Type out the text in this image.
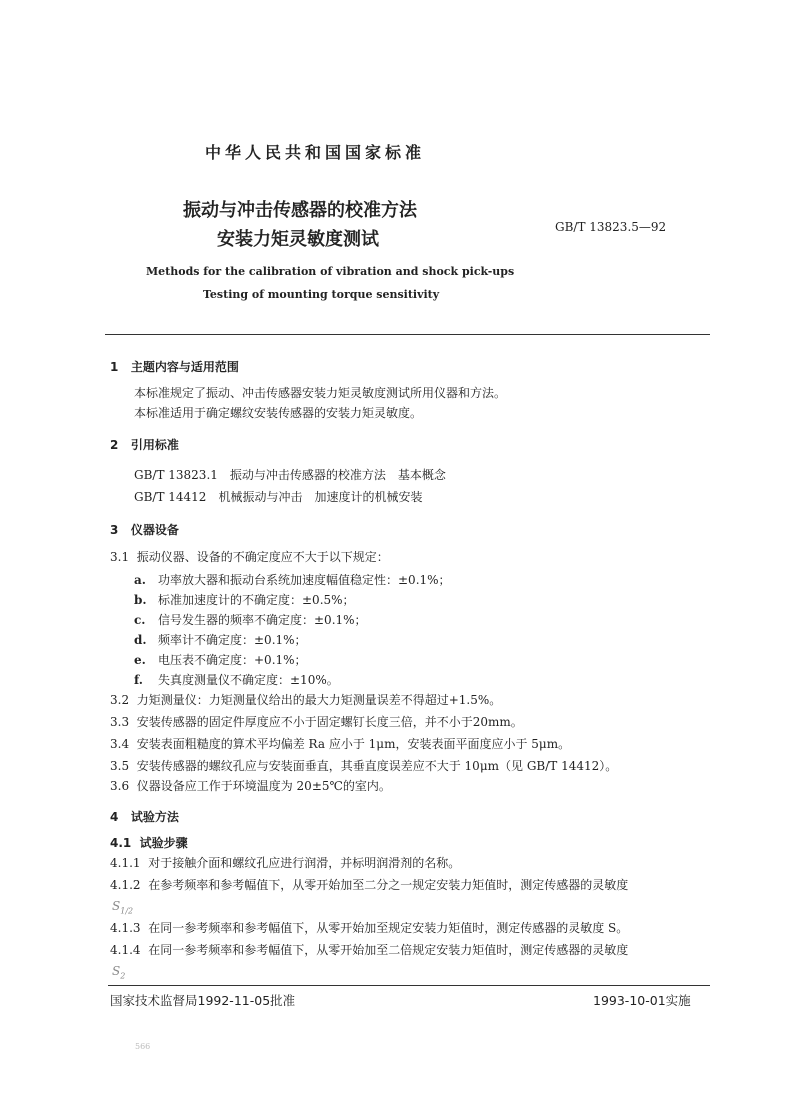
中华人民共和国国家标准
振动与冲击传感器的校准方法
安装力矩灵敏度测试
GB/T 13823.5—92
Methods for the calibration of vibration and shock pick-ups
Testing of mounting torque sensitivity
1 主题内容与适用范围
本标准规定了振动、冲击传感器安装力矩灵敏度测试所用仪器和方法。
本标准适用于确定螺纹安装传感器的安装力矩灵敏度。
2 引用标准
GB/T 13823.1　振动与冲击传感器的校准方法　基本概念
GB/T 14412　机械振动与冲击　加速度计的机械安装
3 仪器设备
3.1 振动仪器、设备的不确定度应不大于以下规定：
a. 功率放大器和振动台系统加速度幅值稳定性：±0.1%；
b. 标准加速度计的不确定度：±0.5%；
c. 信号发生器的频率不确定度：±0.1%；
d. 频率计不确定度：±0.1%；
e. 电压表不确定度：+0.1%；
f. 失真度测量仪不确定度：±10%。
3.2 力矩测量仪：力矩测量仪给出的最大力矩测量误差不得超过+1.5%。
3.3 安装传感器的固定件厚度应不小于固定螺钉长度三倍，并不小于20mm。
3.4 安装表面粗糙度的算术平均偏差 Ra 应小于 1μm，安装表面平面度应小于 5μm。
3.5 安装传感器的螺纹孔应与安装面垂直，其垂直度误差应不大于 10μm（见 GB/T 14412）。
3.6 仪器设备应工作于环境温度为 20±5℃的室内。
4 试验方法
4.1 试验步骤
4.1.1 对于接触介面和螺纹孔应进行润滑，并标明润滑剂的名称。
4.1.2 在参考频率和参考幅值下，从零开始加至二分之一规定安装力矩值时，测定传感器的灵敏度
$S_{1/2}$
4.1.3 在同一参考频率和参考幅值下，从零开始加至规定安装力矩值时，测定传感器的灵敏度 S。
4.1.4 在同一参考频率和参考幅值下，从零开始加至二倍规定安装力矩值时，测定传感器的灵敏度
$S_2$
国家技术监督局1992-11-05批准	1993-10-01实施
566
